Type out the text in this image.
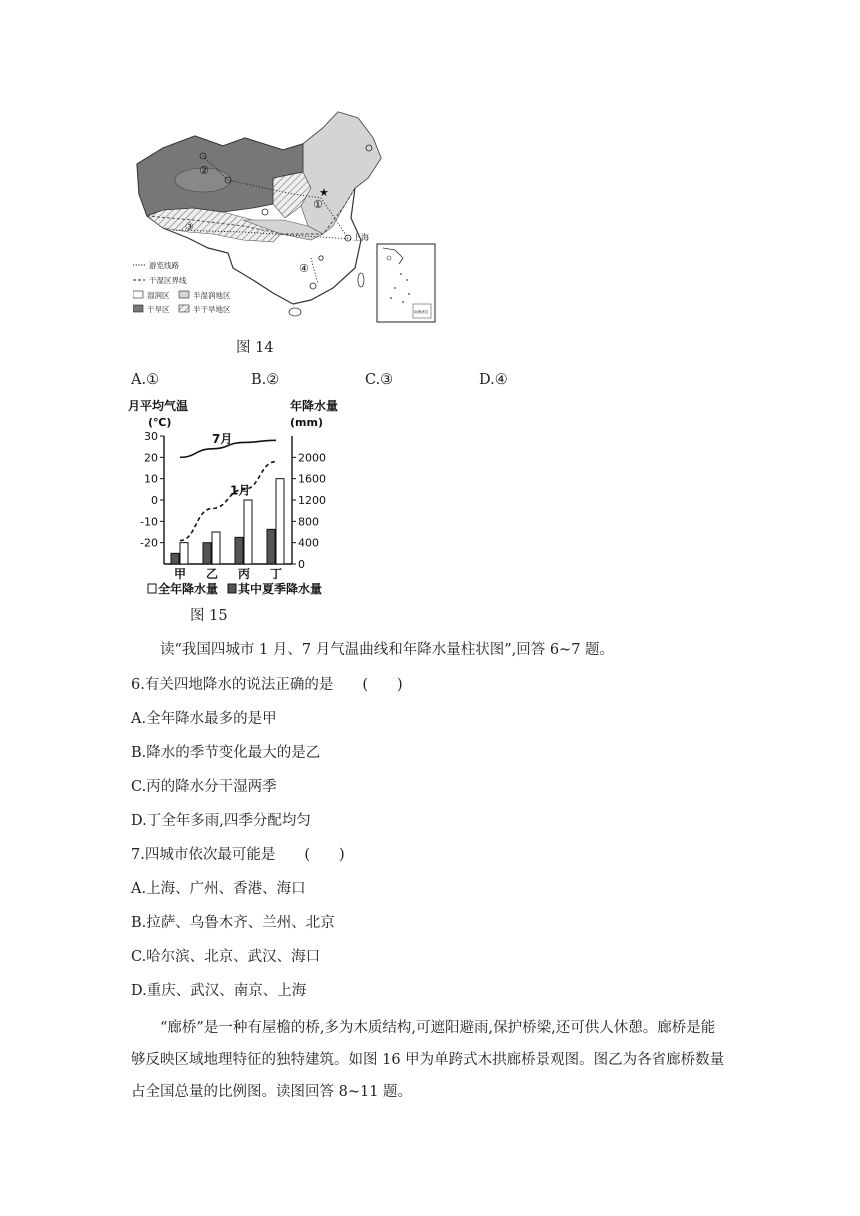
★
①
②
③
④
上海
南海诸岛
游览线路
干湿区界线
湿润区	半湿润地区
干旱区	半干旱地区
图 14
A.①	B.②	C.③	D.④
月平均气温
(℃)
年降水量
(mm)
30
20
10
0
-10
-20
2000
1600
1200
800
400
0
甲 乙 丙 丁
7月
1月
全年降水量 其中夏季降水量
图 15
读“我国四城市 1 月、7 月气温曲线和年降水量柱状图”,回答 6~7 题。
6.有关四地降水的说法正确的是　　(　　)
A.全年降水最多的是甲
B.降水的季节变化最大的是乙
C.丙的降水分干湿两季
D.丁全年多雨,四季分配均匀
7.四城市依次最可能是　　(　　)
A.上海、广州、香港、海口
B.拉萨、乌鲁木齐、兰州、北京
C.哈尔滨、北京、武汉、海口
D.重庆、武汉、南京、上海
“廊桥”是一种有屋檐的桥,多为木质结构,可遮阳避雨,保护桥梁,还可供人休憩。廊桥是能够反映区域地理特征的独特建筑。如图 16 甲为单跨式木拱廊桥景观图。图乙为各省廊桥数量占全国总量的比例图。读图回答 8~11 题。
